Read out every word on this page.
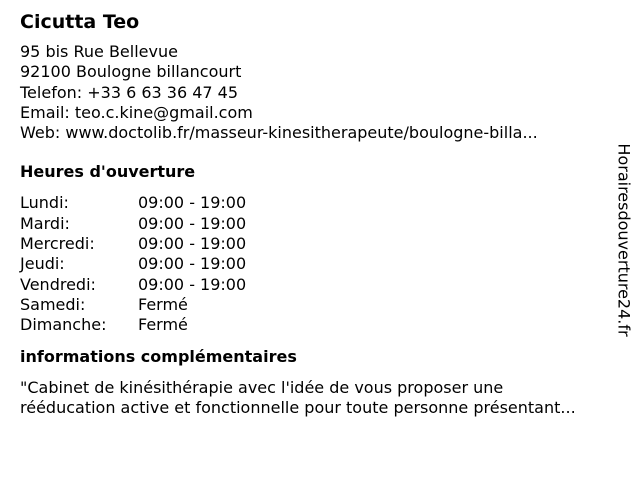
Cicutta Teo
95 bis Rue Bellevue
92100 Boulogne billancourt
Telefon: +33 6 63 36 47 45
Email: teo.c.kine@gmail.com
Web: www.doctolib.fr/masseur-kinesitherapeute/boulogne-billa...
Heures d'ouverture
Lundi:	09:00 - 19:00
Mardi:	09:00 - 19:00
Mercredi:	09:00 - 19:00
Jeudi:	09:00 - 19:00
Vendredi:	09:00 - 19:00
Samedi:	Fermé
Dimanche:	Fermé
informations complémentaires
"Cabinet de kinésithérapie avec l'idée de vous proposer une
rééducation active et fonctionnelle pour toute personne présentant...
Horairesdouverture24.fr
